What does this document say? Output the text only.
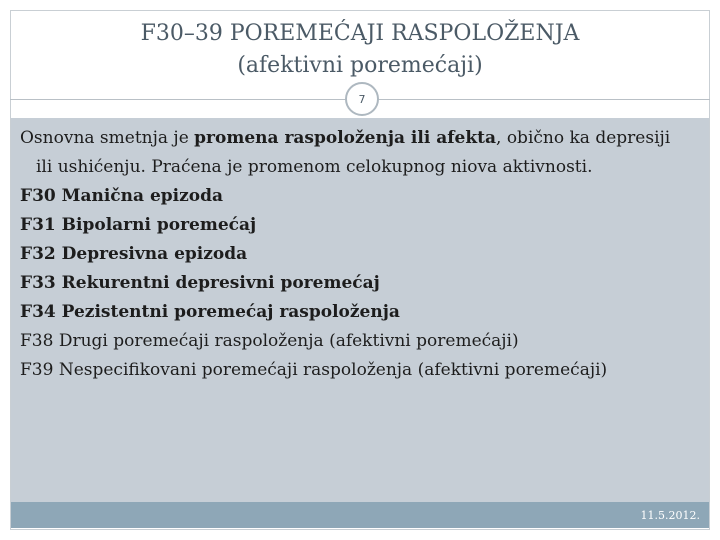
F30–39 POREMEĆAJI RASPOLOŽENJA
(afektivni poremećaji)
7

Osnovna smetnja je promena raspoloženja ili afekta, obično ka depresiji ili ushićenju. Praćena je promenom celokupnog niova aktivnosti.

F30 Manična epizoda

F31 Bipolarni poremećaj

F32 Depresivna epizoda

F33 Rekurentni depresivni poremećaj

F34 Pezistentni poremećaj raspoloženja

F38 Drugi poremećaji raspoloženja (afektivni poremećaji)

F39 Nespecifikovani poremećaji raspoloženja (afektivni poremećaji)

11.5.2012.
